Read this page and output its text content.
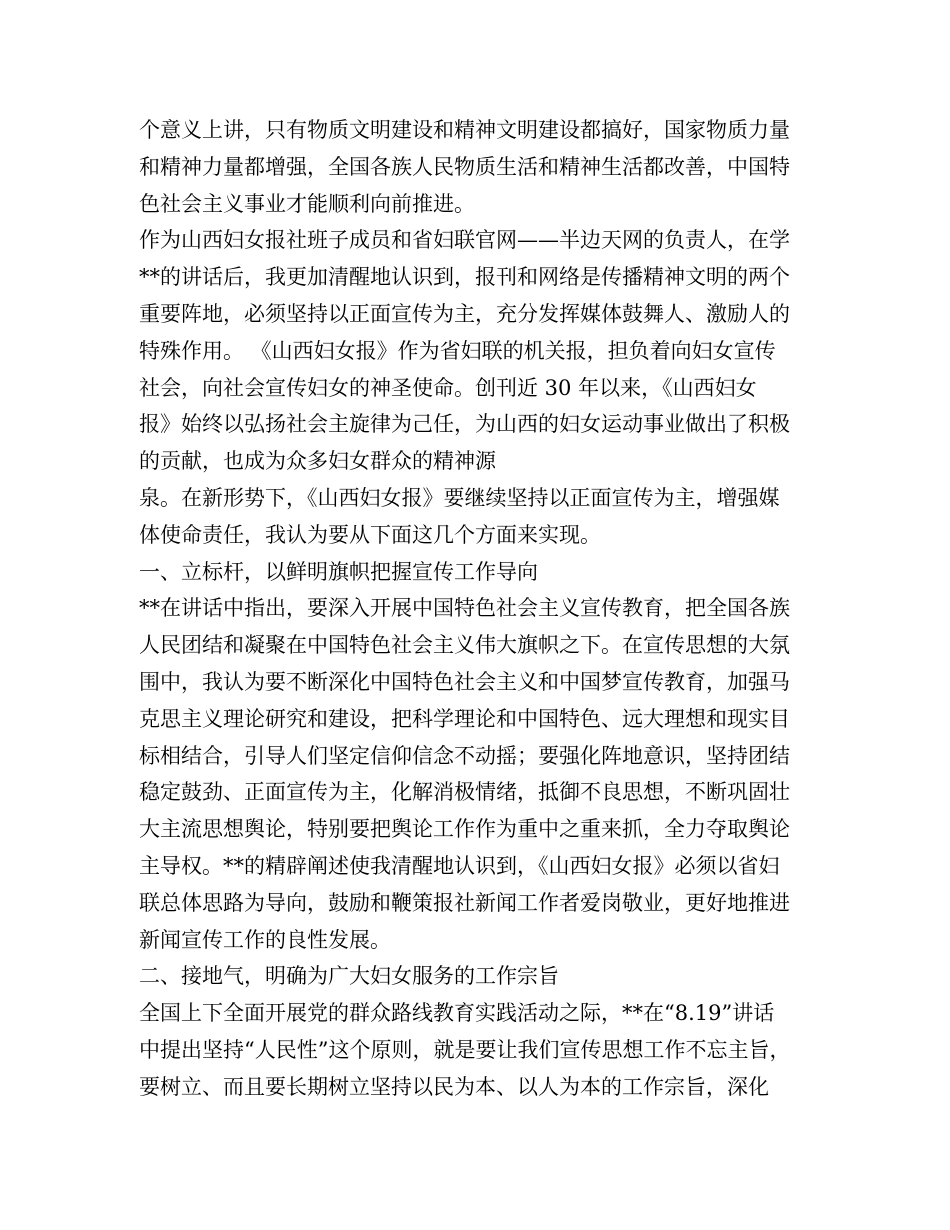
个意义上讲，只有物质文明建设和精神文明建设都搞好，国家物质力量
和精神力量都增强，全国各族人民物质生活和精神生活都改善，中国特
色社会主义事业才能顺利向前推进。
作为山西妇女报社班子成员和省妇联官网——半边天网的负责人，在学
**的讲话后，我更加清醒地认识到，报刊和网络是传播精神文明的两个
重要阵地，必须坚持以正面宣传为主，充分发挥媒体鼓舞人、激励人的
特殊作用。 《山西妇女报》作为省妇联的机关报，担负着向妇女宣传
社会，向社会宣传妇女的神圣使命。创刊近 30 年以来，《山西妇女
报》始终以弘扬社会主旋律为己任，为山西的妇女运动事业做出了积极
的贡献，也成为众多妇女群众的精神源
泉。在新形势下，《山西妇女报》要继续坚持以正面宣传为主，增强媒
体使命责任，我认为要从下面这几个方面来实现。
一、立标杆，以鲜明旗帜把握宣传工作导向
**在讲话中指出，要深入开展中国特色社会主义宣传教育，把全国各族
人民团结和凝聚在中国特色社会主义伟大旗帜之下。在宣传思想的大氛
围中，我认为要不断深化中国特色社会主义和中国梦宣传教育，加强马
克思主义理论研究和建设，把科学理论和中国特色、远大理想和现实目
标相结合，引导人们坚定信仰信念不动摇；要强化阵地意识，坚持团结
稳定鼓劲、正面宣传为主，化解消极情绪，抵御不良思想，不断巩固壮
大主流思想舆论，特别要把舆论工作作为重中之重来抓，全力夺取舆论
主导权。**的精辟阐述使我清醒地认识到，《山西妇女报》必须以省妇
联总体思路为导向，鼓励和鞭策报社新闻工作者爱岗敬业，更好地推进
新闻宣传工作的良性发展。
二、接地气，明确为广大妇女服务的工作宗旨
全国上下全面开展党的群众路线教育实践活动之际，**在“8.19”讲话
中提出坚持“人民性”这个原则，就是要让我们宣传思想工作不忘主旨，
要树立、而且要长期树立坚持以民为本、以人为本的工作宗旨，深化
